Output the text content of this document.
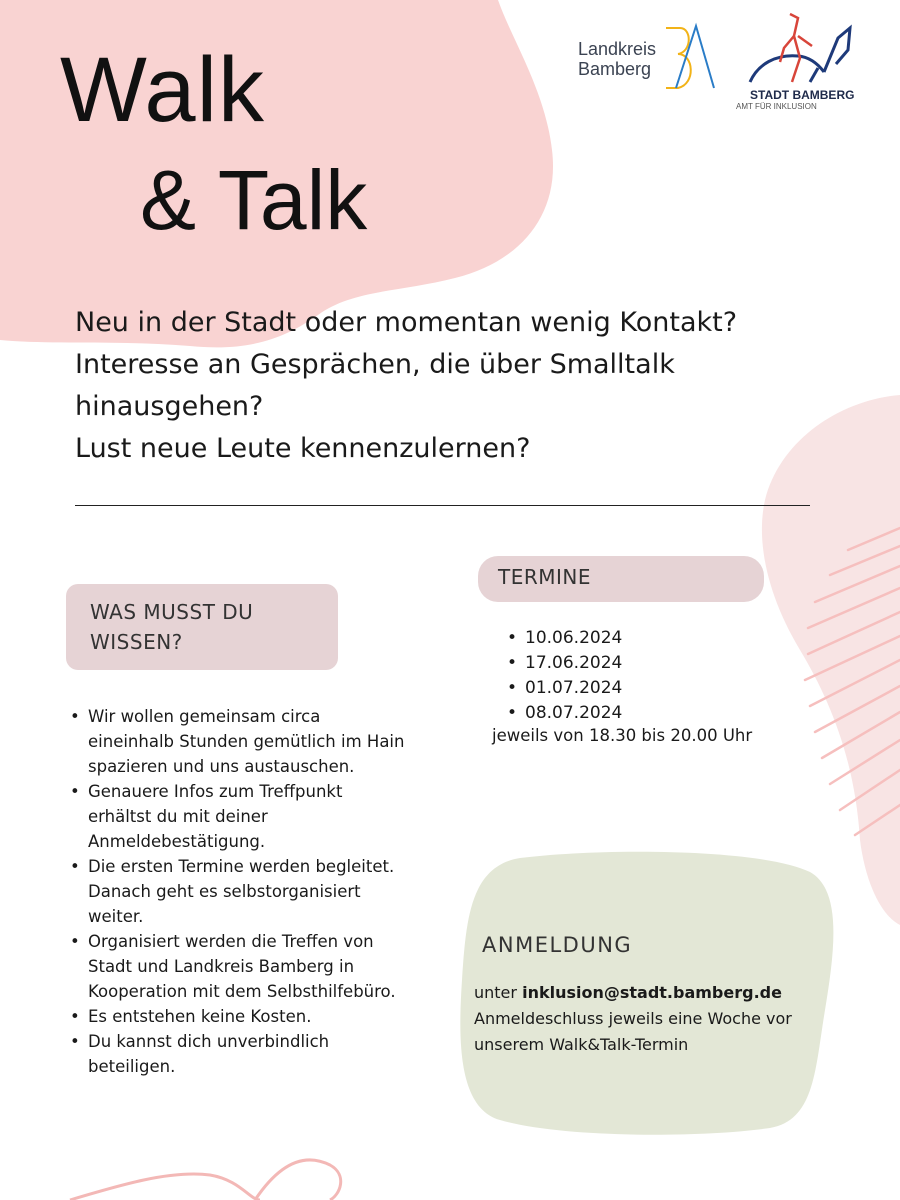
Walk
& Talk
Landkreis
Bamberg
STADT BAMBERG
AMT FÜR INKLUSION
Neu in der Stadt oder momentan wenig Kontakt?
Interesse an Gesprächen, die über Smalltalk
hinausgehen?
Lust neue Leute kennenzulernen?
WAS MUSST DU WISSEN?
• Wir wollen gemeinsam circa eineinhalb Stunden gemütlich im Hain spazieren und uns austauschen.
• Genauere Infos zum Treffpunkt erhältst du mit deiner Anmeldebestätigung.
• Die ersten Termine werden begleitet. Danach geht es selbstorganisiert weiter.
• Organisiert werden die Treffen von Stadt und Landkreis Bamberg in Kooperation mit dem Selbsthilfebüro.
• Es entstehen keine Kosten.
• Du kannst dich unverbindlich beteiligen.
TERMINE
• 10.06.2024
• 17.06.2024
• 01.07.2024
• 08.07.2024
jeweils von 18.30 bis 20.00 Uhr
ANMELDUNG
unter inklusion@stadt.bamberg.de
Anmeldeschluss jeweils eine Woche vor unserem Walk&Talk-Termin
